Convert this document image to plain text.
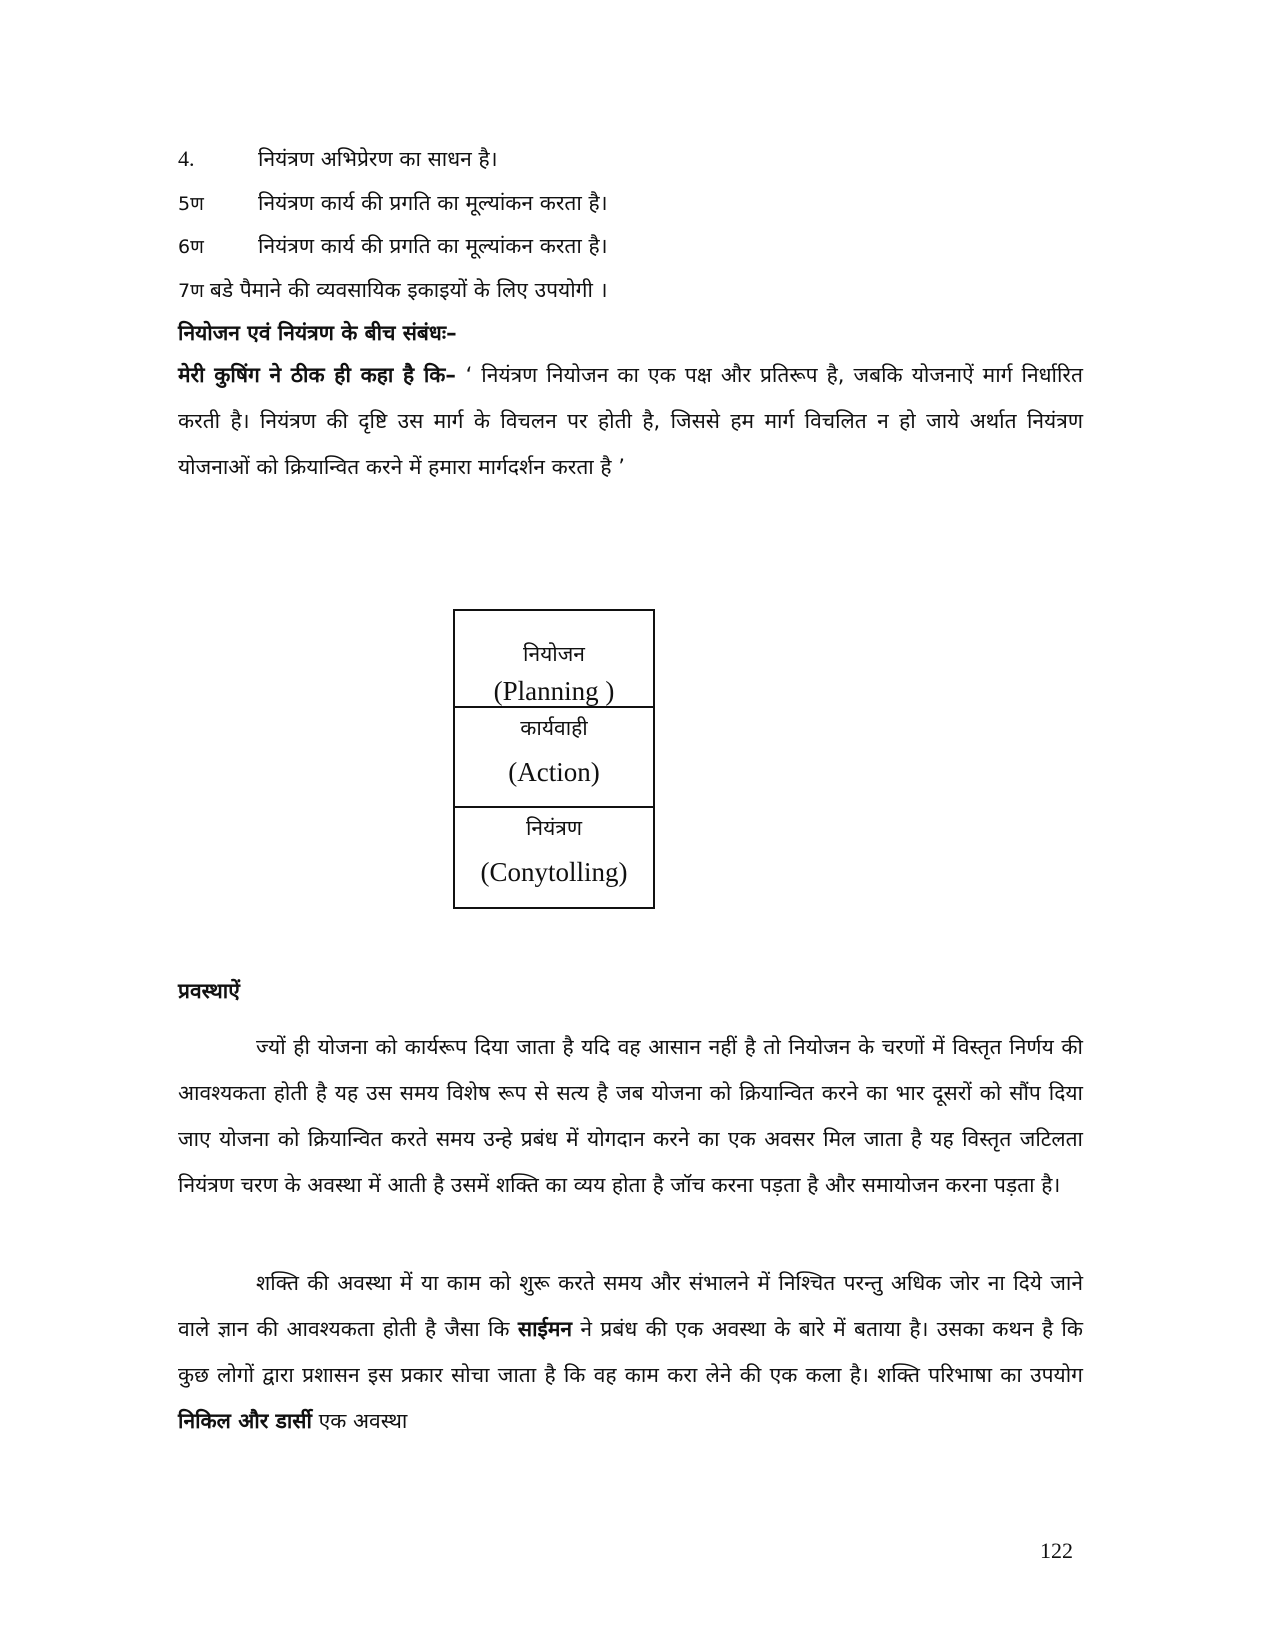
4.	नियंत्रण अभिप्रेरण का साधन है।
5ण	नियंत्रण कार्य की प्रगति का मूल्यांकन करता है।
6ण	नियंत्रण कार्य की प्रगति का मूल्यांकन करता है।
7ण बडे पैमाने की व्यवसायिक इकाइयों के लिए उपयोगी ।
नियोजन एवं नियंत्रण के बीच संबंधः–

मेरी कुषिंग ने ठीक ही कहा है कि– ‘ नियंत्रण नियोजन का एक पक्ष और प्रतिरूप है, जबकि योजनाऐं मार्ग निर्धारित करती है। नियंत्रण की दृष्टि उस मार्ग के विचलन पर होती है, जिससे हम मार्ग विचलित न हो जाये अर्थात नियंत्रण योजनाओं को क्रियान्वित करने में हमारा मार्गदर्शन करता है ’

नियोजन
(Planning )
कार्यवाही
(Action)
नियंत्रण
(Conytolling)
प्रवस्थाऐं

ज्यों ही योजना को कार्यरूप दिया जाता है यदि वह आसान नहीं है तो नियोजन के चरणों में विस्तृत निर्णय की आवश्यकता होती है यह उस समय विशेष रूप से सत्य है जब योजना को क्रियान्वित करने का भार दूसरों को सौंप दिया जाए योजना को क्रियान्वित करते समय उन्हे प्रबंध में योगदान करने का एक अवसर मिल जाता है यह विस्तृत जटिलता नियंत्रण चरण के अवस्था में आती है उसमें शक्ति का व्यय होता है जॉच करना पड़ता है और समायोजन करना पड़ता है।

शक्ति की अवस्था में या काम को शुरू करते समय और संभालने में निश्चित परन्तु अधिक जोर ना दिये जाने वाले ज्ञान की आवश्यकता होती है जैसा कि साईमन ने प्रबंध की एक अवस्था के बारे में बताया है। उसका कथन है कि कुछ लोगों द्वारा प्रशासन इस प्रकार सोचा जाता है कि वह काम करा लेने की एक कला है। शक्ति परिभाषा का उपयोग निकिल और डार्सी एक अवस्था

122
